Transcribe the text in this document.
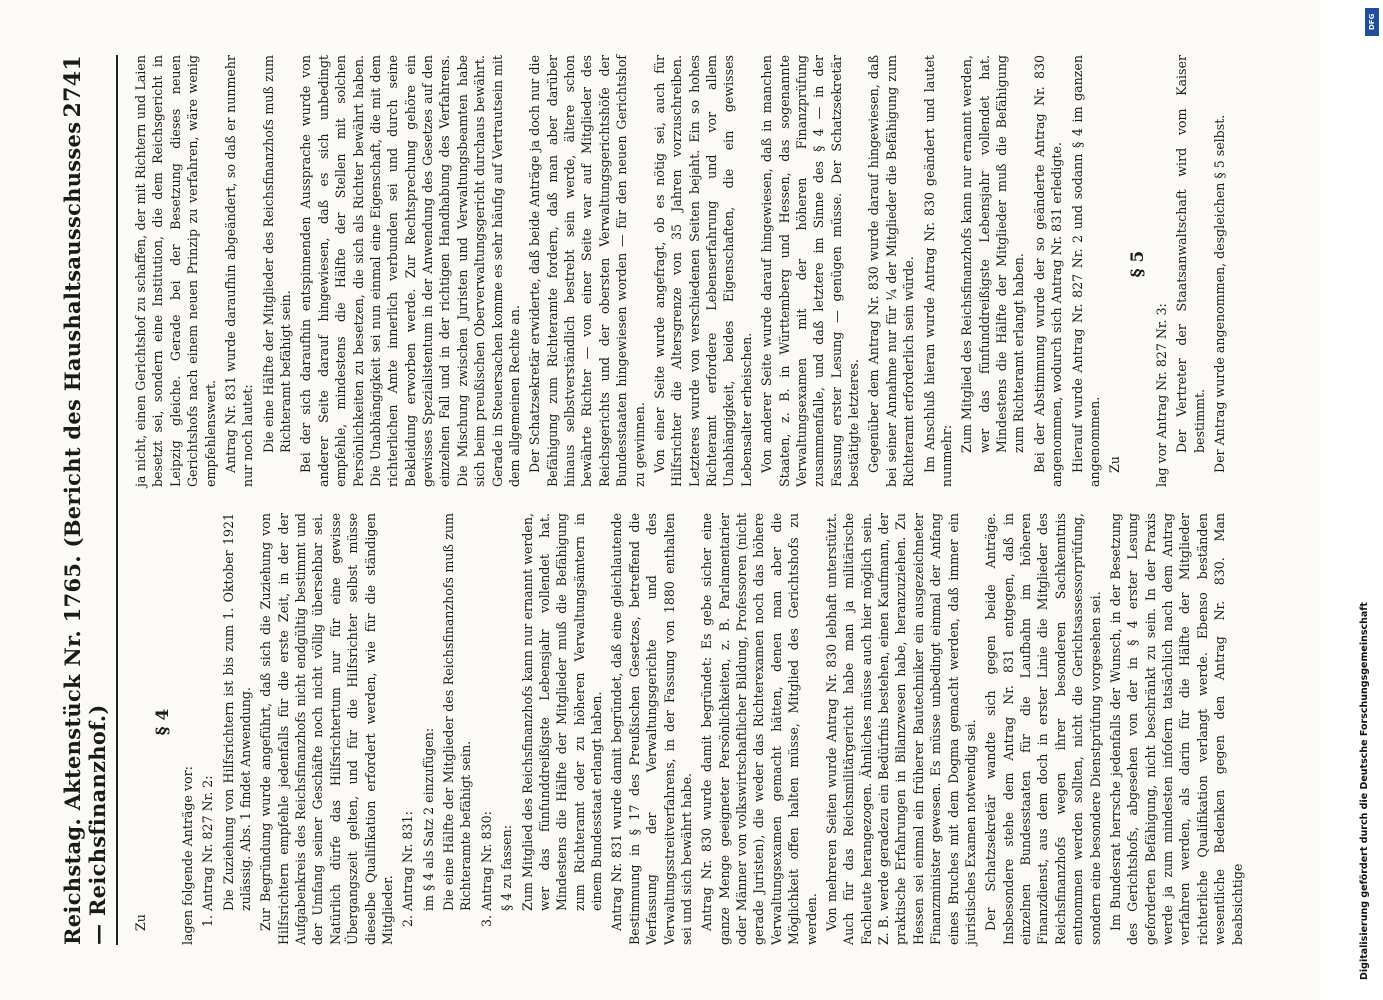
Reichstag. Aktenstück Nr. 1765. (Bericht des Haushaltsausschusses — Reichsfinanzhof.)
2741

Zu

§ 4

lagen folgende Anträge vor: 1. Antrag Nr. 827 Nr. 2: Die Zuziehung von Hilfsrichtern ist bis zum 1. Oktober 1921 zulässig. Abs. 1 findet Anwendung. Zur Begründung wurde angeführt, daß sich die Zuziehung von Hilfsrichtern empfehle jedenfalls für die erste Zeit, in der der Aufgabenkreis des Reichsfinanzhofs nicht endgültig bestimmt und der Umfang seiner Geschäfte noch nicht völlig übersehbar sei. Natürlich dürfe das Hilfsrichtertum nur für eine gewisse Übergangszeit gelten, und für die Hilfsrichter selbst müsse dieselbe Qualifikation erfordert werden, wie für die ständigen Mitglieder. 2. Antrag Nr. 831: im § 4 als Satz 2 einzufügen: Die eine Hälfte der Mitglieder des Reichsfinanzhofs muß zum Richteramte befähigt sein. 3. Antrag Nr. 830: § 4 zu fassen: Zum Mitglied des Reichsfinanzhofs kann nur ernannt werden, wer das fünfunddreißigste Lebensjahr vollendet hat. Mindestens die Hälfte der Mitglieder muß die Befähigung zum Richteramt oder zu höheren Verwaltungsämtern in einem Bundesstaat erlangt haben. Antrag Nr. 831 wurde damit begründet, daß eine gleichlautende Bestimmung in § 17 des Preußischen Gesetzes, betreffend die Verfassung der Verwaltungsgerichte und des Verwaltungsstreitverfahrens, in der Fassung von 1880 enthalten sei und sich bewährt habe. Antrag Nr. 830 wurde damit begründet: Es gebe sicher eine ganze Menge geeigneter Persönlichkeiten, z. B. Parlamentarier oder Männer von volkswirtschaftlicher Bildung, Professoren (nicht gerade Juristen), die weder das Richterexamen noch das höhere Verwaltungsexamen gemacht hätten, denen man aber die Möglichkeit offen halten müsse, Mitglied des Gerichtshofs zu werden. Von mehreren Seiten wurde Antrag Nr. 830 lebhaft unterstützt. Auch für das Reichsmilitärgericht habe man ja militärische Fachleute herangezogen. Ähnliches müsse auch hier möglich sein. Z. B. werde geradezu ein Bedürfnis bestehen, einen Kaufmann, der praktische Erfahrungen in Bilanzwesen habe, heranzuziehen. Zu Hessen sei einmal ein früherer Bautechniker ein ausgezeichneter Finanzminister gewesen. Es müsse unbedingt einmal der Anfang eines Bruches mit dem Dogma gemacht werden, daß immer ein juristisches Examen notwendig sei. Der Schatzsekretär wandte sich gegen beide Anträge. Insbesondere stehe dem Antrag Nr. 831 entgegen, daß in einzelnen Bundesstaaten für die Laufbahn im höheren Finanzdienst, aus dem doch in erster Linie die Mitglieder des Reichsfinanzhofs wegen ihrer besonderen Sachkenntnis entnommen werden sollten, nicht die Gerichtsassessorprüfung, sondern eine besondere Dienstprüfung vorgesehen sei. Im Bundesrat herrsche jedenfalls der Wunsch, in der Besetzung des Gerichtshofs, abgesehen von der in § 4 erster Lesung geforderten Befähigung, nicht beschränkt zu sein. In der Praxis werde ja zum mindesten infofern tatsächlich nach dem Antrag verfahren werden, als darin für die Hälfte der Mitglieder richterliche Qualifikation verlangt werde. Ebenso beständen wesentliche Bedenken gegen den Antrag Nr. 830. Man beabsichtige

ja nicht, einen Gerichtshof zu schaffen, der mit Richtern und Laien besetzt sei, sondern eine Institution, die dem Reichsgericht in Leipzig gleiche. Gerade bei der Besetzung dieses neuen Gerichtshofs nach einem neuen Prinzip zu verfahren, wäre wenig empfehlenswert. Antrag Nr. 831 wurde daraufhin abgeändert, so daß er nunmehr nur noch lautet: Die eine Hälfte der Mitglieder des Reichsfinanzhofs muß zum Richteramt befähigt sein. Bei der sich daraufhin entspinnenden Aussprache wurde von anderer Seite darauf hingewiesen, daß es sich unbedingt empfehle, mindestens die Hälfte der Stellen mit solchen Persönlichkeiten zu besetzen, die sich als Richter bewährt haben. Die Unabhängigkeit sei nun einmal eine Eigenschaft, die mit dem richterlichen Amte innerlich verbunden sei und durch seine Bekleidung erworben werde. Zur Rechtsprechung gehöre ein gewisses Spezialistentum in der Anwendung des Gesetzes auf den einzelnen Fall und in der richtigen Handhabung des Verfahrens. Die Mischung zwischen Juristen und Verwaltungsbeamten habe sich beim preußischen Oberverwaltungsgericht durchaus bewährt. Gerade in Steuersachen komme es sehr häufig auf Vertrautsein mit dem allgemeinen Rechte an. Der Schatzsekretär erwiderte, daß beide Anträge ja doch nur die Befähigung zum Richteramte fordern, daß man aber darüber hinaus selbstverständlich bestrebt sein werde, ältere schon bewährte Richter — von einer Seite war auf Mitglieder des Reichsgerichts und der obersten Verwaltungsgerichtshöfe der Bundesstaaten hingewiesen worden — für den neuen Gerichtshof zu gewinnen. Von einer Seite wurde angefragt, ob es nötig sei, auch für Hilfsrichter die Altersgrenze von 35 Jahren vorzuschreiben. Letzteres wurde von verschiedenen Seiten bejaht. Ein so hohes Richteramt erfordere Lebenserfahrung und vor allem Unabhängigkeit, beides Eigenschaften, die ein gewisses Lebensalter erheischen. Von anderer Seite wurde darauf hingewiesen, daß in manchen Staaten, z. B. in Württemberg und Hessen, das sogenannte Verwaltungsexamen mit der höheren Finanzprüfung zusammenfalle, und daß letztere im Sinne des § 4 — in der Fassung erster Lesung — genügen müsse. Der Schatzsekretär bestätigte letzteres. Gegenüber dem Antrag Nr. 830 wurde darauf hingewiesen, daß bei seiner Annahme nur für ¼ der Mitglieder die Befähigung zum Richteramt erforderlich sein würde. Im Anschluß hieran wurde Antrag Nr. 830 geändert und lautet nunmehr:

Zum Mitglied des Reichsfinanzhofs kann nur ernannt werden, wer das fünfunddreißigste Lebensjahr vollendet hat. Mindestens die Hälfte der Mitglieder muß die Befähigung zum Richteramt erlangt haben. Bei der Abstimmung wurde der so geänderte Antrag Nr. 830 angenommen, wodurch sich Antrag Nr. 831 erledigte. Hierauf wurde Antrag Nr. 827 Nr. 2 und sodann § 4 im ganzen angenommen. Zu

§ 5

lag vor Antrag Nr. 827 Nr. 3: Der Vertreter der Staatsanwaltschaft wird vom Kaiser bestimmt. Der Antrag wurde angenommen, desgleichen § 5 selbst.

DFG
Digitalisierung gefördert durch die Deutsche Forschungsgemeinschaft
